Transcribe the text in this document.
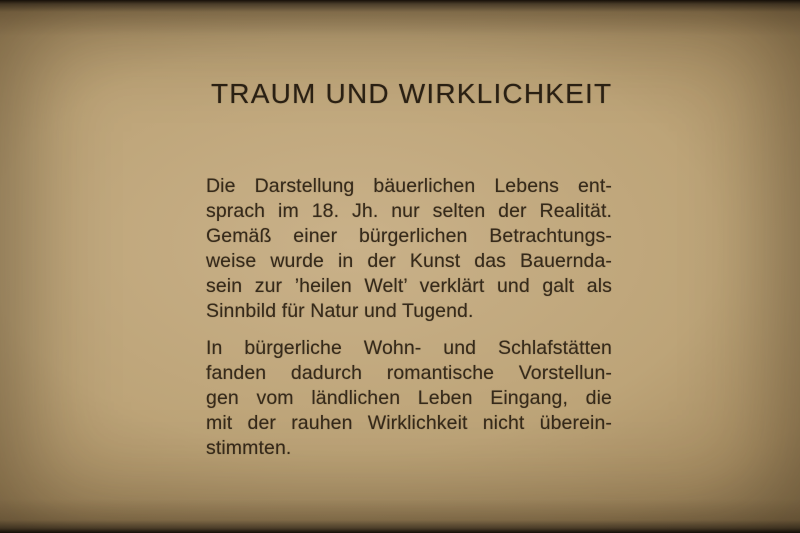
TRAUM UND WIRKLICHKEIT
Die Darstellung bäuerlichen Lebens ent-
sprach im 18. Jh. nur selten der Realität.
Gemäß einer bürgerlichen Betrachtungs-
weise wurde in der Kunst das Bauernda-
sein zur ’heilen Welt’ verklärt und galt als
Sinnbild für Natur und Tugend.
In bürgerliche Wohn- und Schlafstätten
fanden dadurch romantische Vorstellun-
gen vom ländlichen Leben Eingang, die
mit der rauhen Wirklichkeit nicht überein-
stimmten.
